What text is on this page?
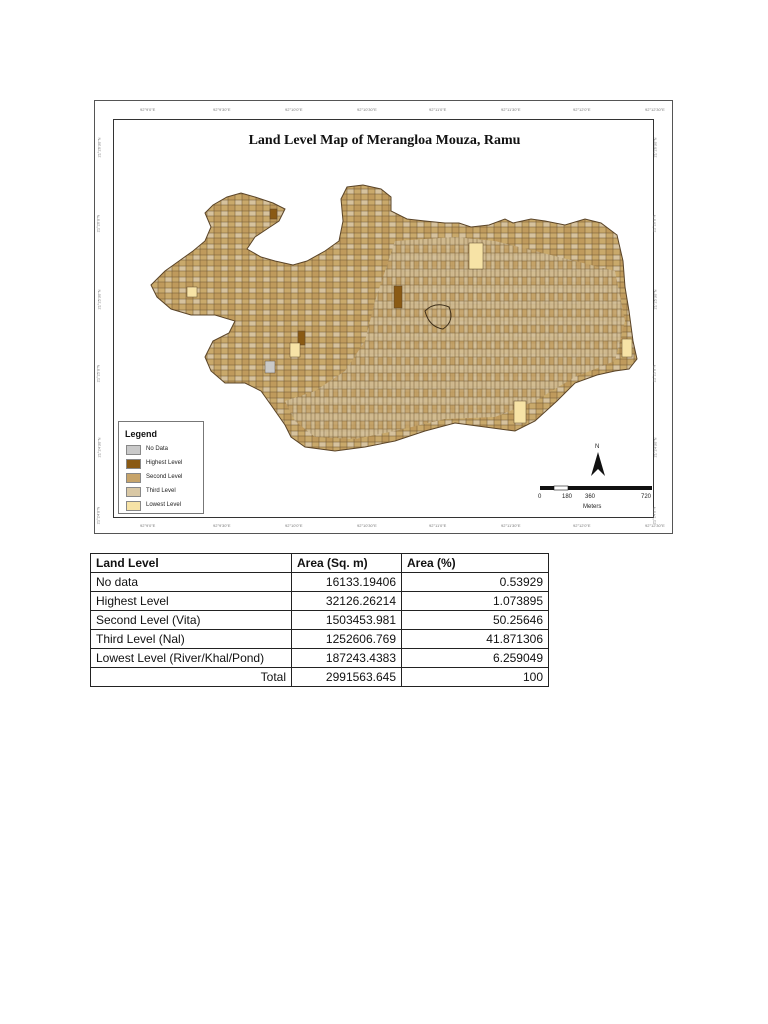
Land Level Map of Merangloa Mouza, Ramu
92°9'0"E	92°9'30"E	92°10'0"E	92°10'30"E	92°11'0"E	92°11'30"E	92°12'0"E	92°12'30"E
92°9'0"E	92°9'30"E	92°10'0"E	92°10'30"E	92°11'0"E	92°11'30"E	92°12'0"E	92°12'30"E
21°26'30"N
21°26'0"N
21°25'30"N
21°25'0"N
21°24'30"N
21°24'0"N
21°26'30"N
21°26'0"N
21°25'30"N
21°25'0"N
21°24'30"N
21°24'0"N
Legend
No Data
Highest Level
Second Level
Third Level
Lowest Level
N
0	180 360	720
Meters
Land Level	Area (Sq. m)	Area (%)
No data	16133.19406	0.53929
Highest Level	32126.26214	1.073895
Second Level (Vita)	1503453.981	50.25646
Third Level (Nal)	1252606.769	41.871306
Lowest Level (River/Khal/Pond)	187243.4383	6.259049
Total	2991563.645	100
